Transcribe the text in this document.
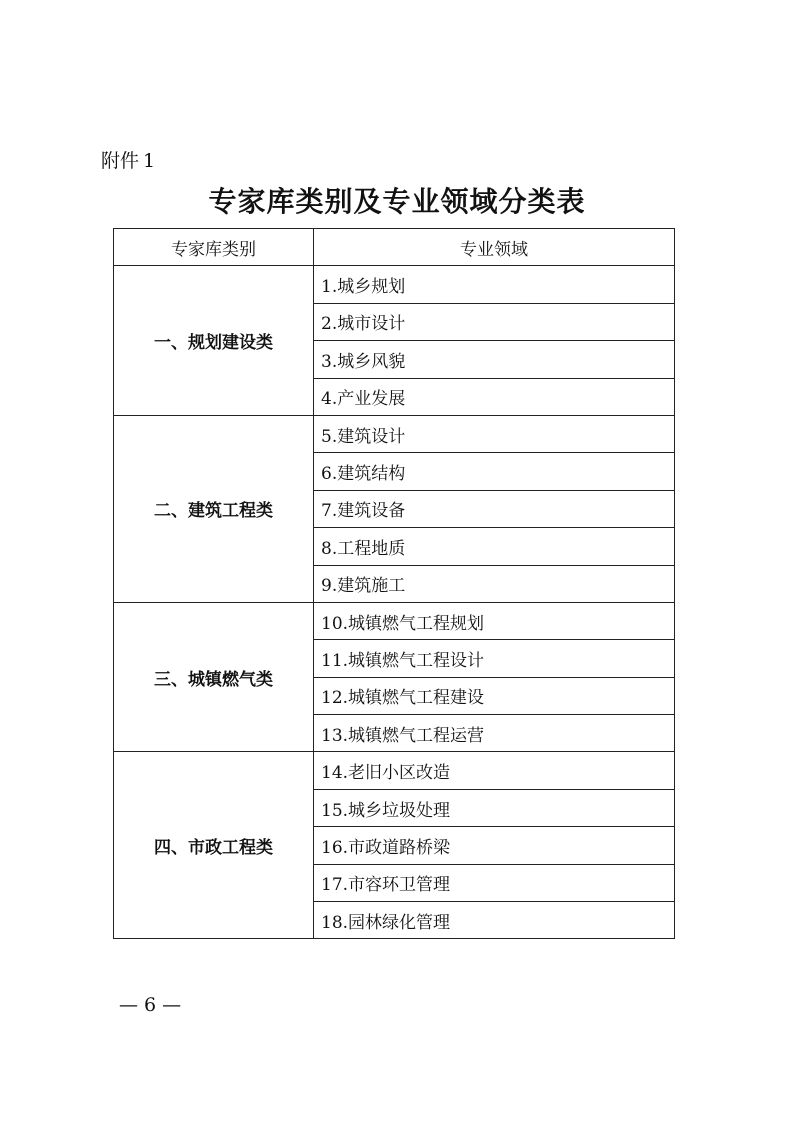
附件 1
专家库类别及专业领域分类表
专家库类别	专业领域
一、规划建设类	1.城乡规划
	2.城市设计
	3.城乡风貌
	4.产业发展
二、建筑工程类	5.建筑设计
	6.建筑结构
	7.建筑设备
	8.工程地质
	9.建筑施工
三、城镇燃气类	10.城镇燃气工程规划
	11.城镇燃气工程设计
	12.城镇燃气工程建设
	13.城镇燃气工程运营
四、市政工程类	14.老旧小区改造
	15.城乡垃圾处理
	16.市政道路桥梁
	17.市容环卫管理
	18.园林绿化管理
— 6 —
